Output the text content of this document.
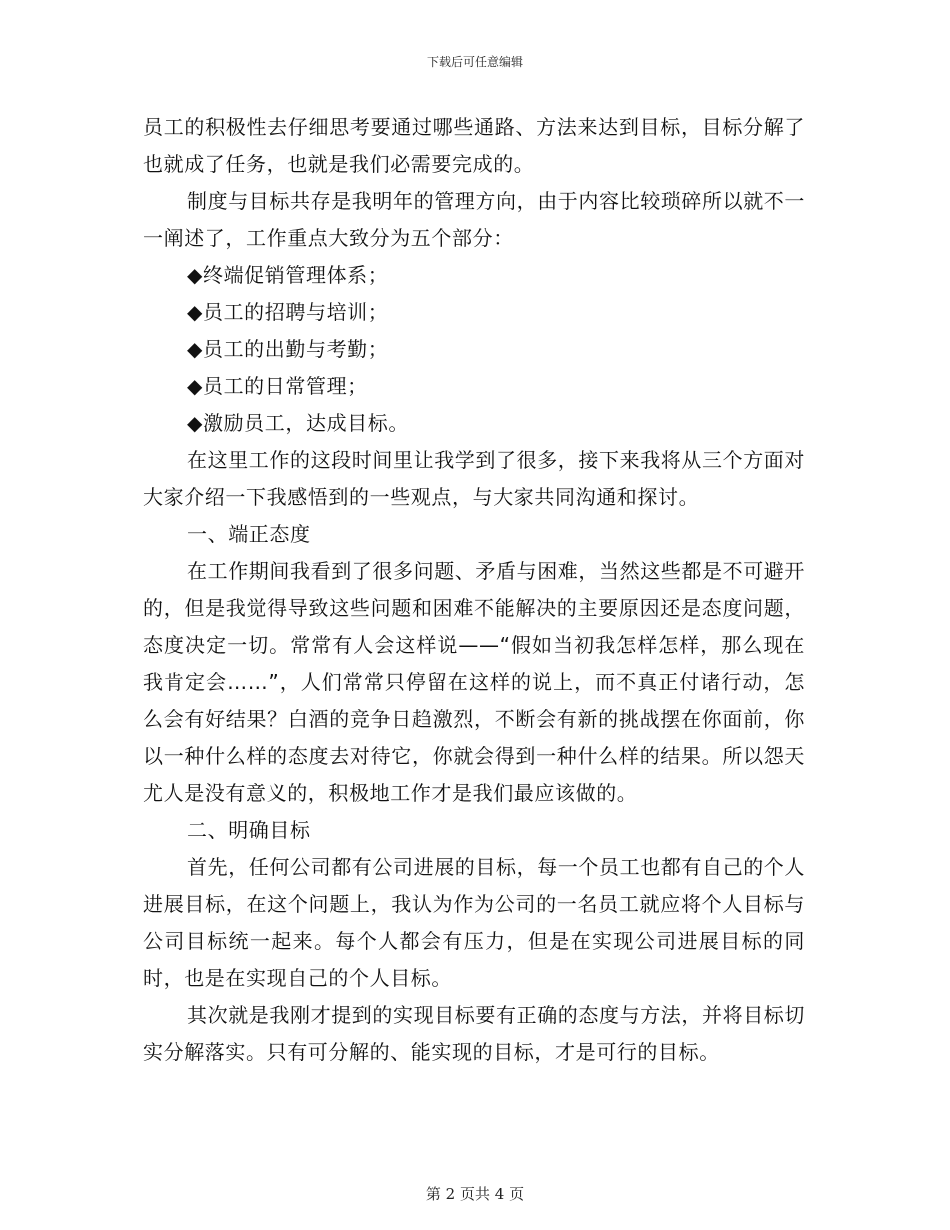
下载后可任意编辑

员工的积极性去仔细思考要通过哪些通路、方法来达到目标，目标分解了也就成了任务，也就是我们必需要完成的。

制度与目标共存是我明年的管理方向，由于内容比较琐碎所以就不一一阐述了，工作重点大致分为五个部分：

◆终端促销管理体系；

◆员工的招聘与培训；

◆员工的出勤与考勤；

◆员工的日常管理；

◆激励员工，达成目标。

在这里工作的这段时间里让我学到了很多，接下来我将从三个方面对大家介绍一下我感悟到的一些观点，与大家共同沟通和探讨。

一、端正态度

在工作期间我看到了很多问题、矛盾与困难，当然这些都是不可避开的，但是我觉得导致这些问题和困难不能解决的主要原因还是态度问题，态度决定一切。常常有人会这样说——“假如当初我怎样怎样，那么现在我肯定会……”，人们常常只停留在这样的说上，而不真正付诸行动，怎么会有好结果？白酒的竞争日趋激烈，不断会有新的挑战摆在你面前，你以一种什么样的态度去对待它，你就会得到一种什么样的结果。所以怨天尤人是没有意义的，积极地工作才是我们最应该做的。

二、明确目标

首先，任何公司都有公司进展的目标，每一个员工也都有自己的个人进展目标，在这个问题上，我认为作为公司的一名员工就应将个人目标与公司目标统一起来。每个人都会有压力，但是在实现公司进展目标的同时，也是在实现自己的个人目标。

其次就是我刚才提到的实现目标要有正确的态度与方法，并将目标切实分解落实。只有可分解的、能实现的目标，才是可行的目标。

第 2 页共 4 页
